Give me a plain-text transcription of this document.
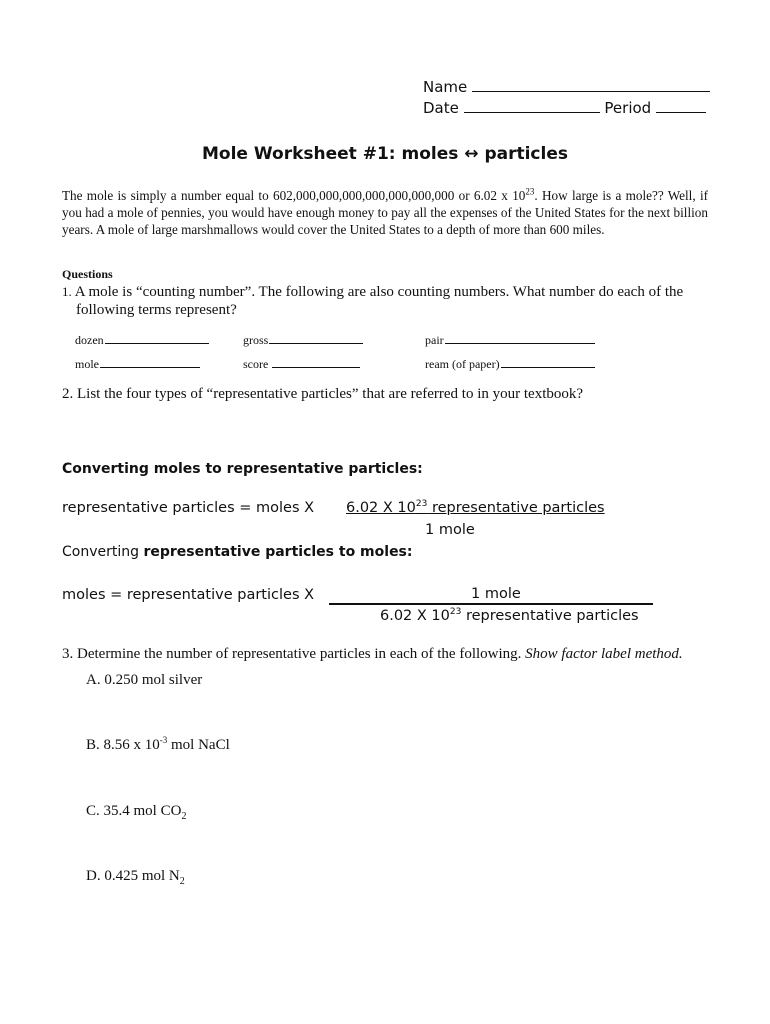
Name
Date	Period
Mole Worksheet #1: moles ↔ particles
The mole is simply a number equal to 602,000,000,000,000,000,000,000 or 6.02 x $10^{23}$. How large is a mole?? Well, if you had a mole of pennies, you would have enough money to pay all the expenses of the United States for the next billion years. A mole of large marshmallows would cover the United States to a depth of more than 600 miles.
Questions
1. A mole is “counting number”. The following are also counting numbers. What number do each of the
following terms represent?
dozen	gross	pair
mole	score	ream (of paper)
2. List the four types of “representative particles” that are referred to in your textbook?
Converting moles to representative particles:
representative particles = moles X 6.02 X $10^{23}$ representative particles
1 mole
Converting representative particles to moles:
moles = representative particles X	1 mole
6.02 X $10^{23}$ representative particles
3. Determine the number of representative particles in each of the following. Show factor label method.
A. 0.250 mol silver
B. 8.56 x $10^{-3}$ mol NaCl
C. 35.4 mol $CO_2$
D. 0.425 mol $N_2$
